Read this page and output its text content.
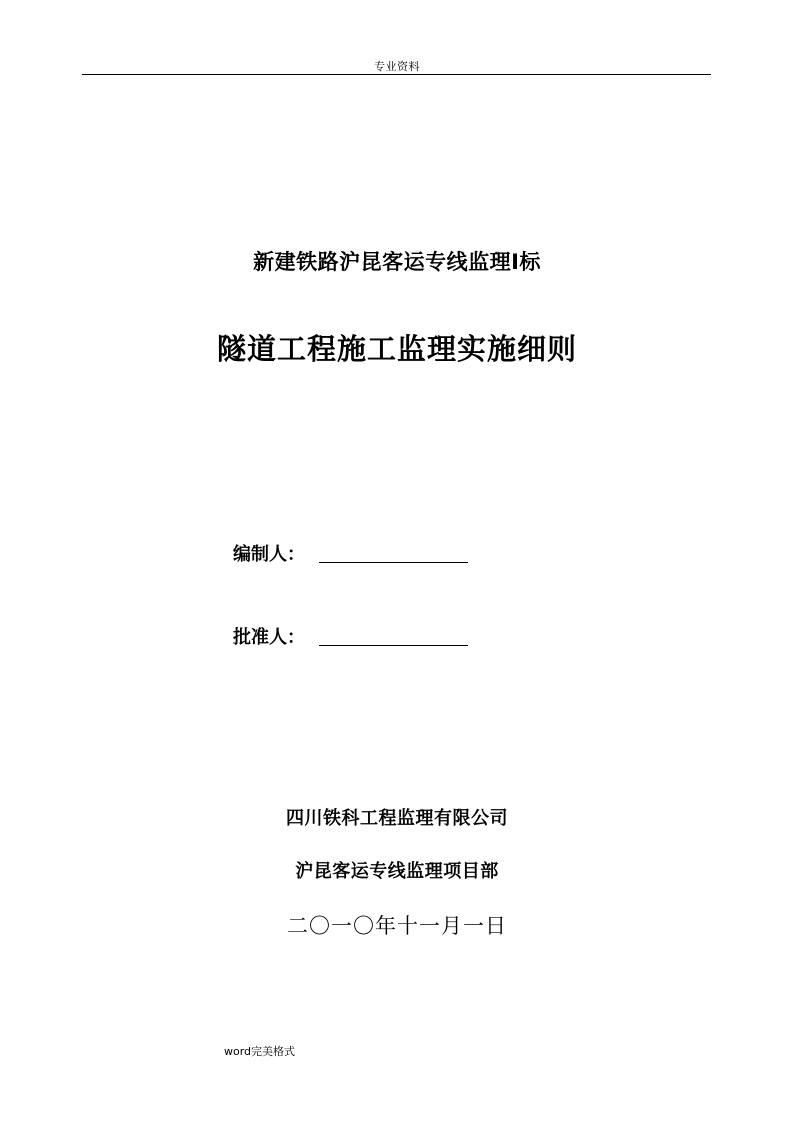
专业资料
新建铁路沪昆客运专线监理Ⅰ标
隧道工程施工监理实施细则
编制人：
批准人：
四川铁科工程监理有限公司
沪昆客运专线监理项目部
二〇一〇年十一月一日
word完美格式
